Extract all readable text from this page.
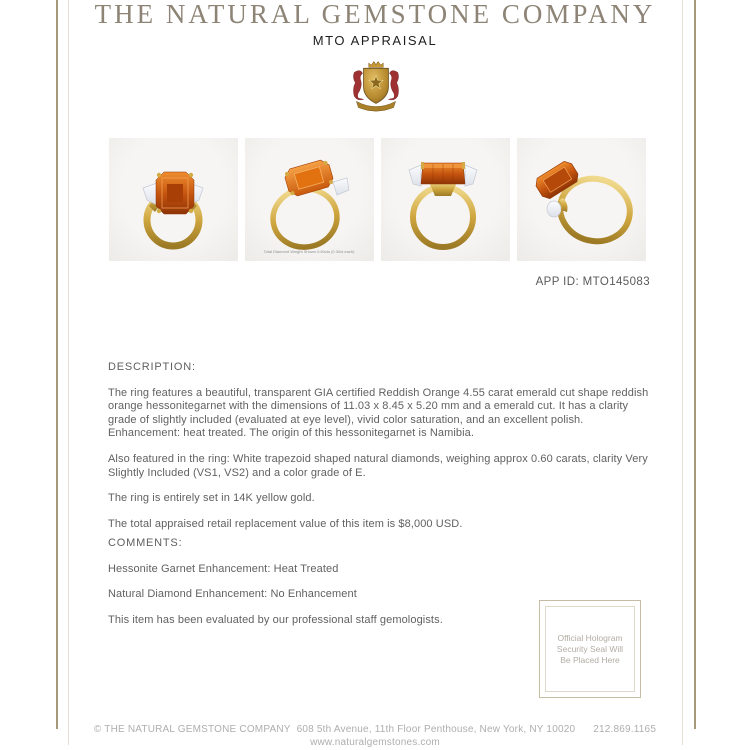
THE NATURAL GEMSTONE COMPANY
MTO APPRAISAL
Total Diamond Weight Shown 0.60cts (0.30ct each)
APP ID: MTO145083

DESCRIPTION:

The ring features a beautiful, transparent GIA certified Reddish Orange 4.55 carat emerald cut shape reddish orange hessonitegarnet with the dimensions of 11.03 x 8.45 x 5.20 mm and a emerald cut. It has a clarity grade of slightly included (evaluated at eye level), vivid color saturation, and an excellent polish. Enhancement: heat treated. The origin of this hessonitegarnet is Namibia.

Also featured in the ring: White trapezoid shaped natural diamonds, weighing approx 0.60 carats, clarity Very Slightly Included (VS1, VS2) and a color grade of E.

The ring is entirely set in 14K yellow gold.

The total appraised retail replacement value of this item is $8,000 USD.

COMMENTS:

Hessonite Garnet Enhancement: Heat Treated

Natural Diamond Enhancement: No Enhancement

This item has been evaluated by our professional staff gemologists.

Official Hologram
Security Seal Will
Be Placed Here
© THE NATURAL GEMSTONE COMPANY 608 5th Avenue, 11th Floor Penthouse, New York, NY 10020 212.869.1165
www.naturalgemstones.com
